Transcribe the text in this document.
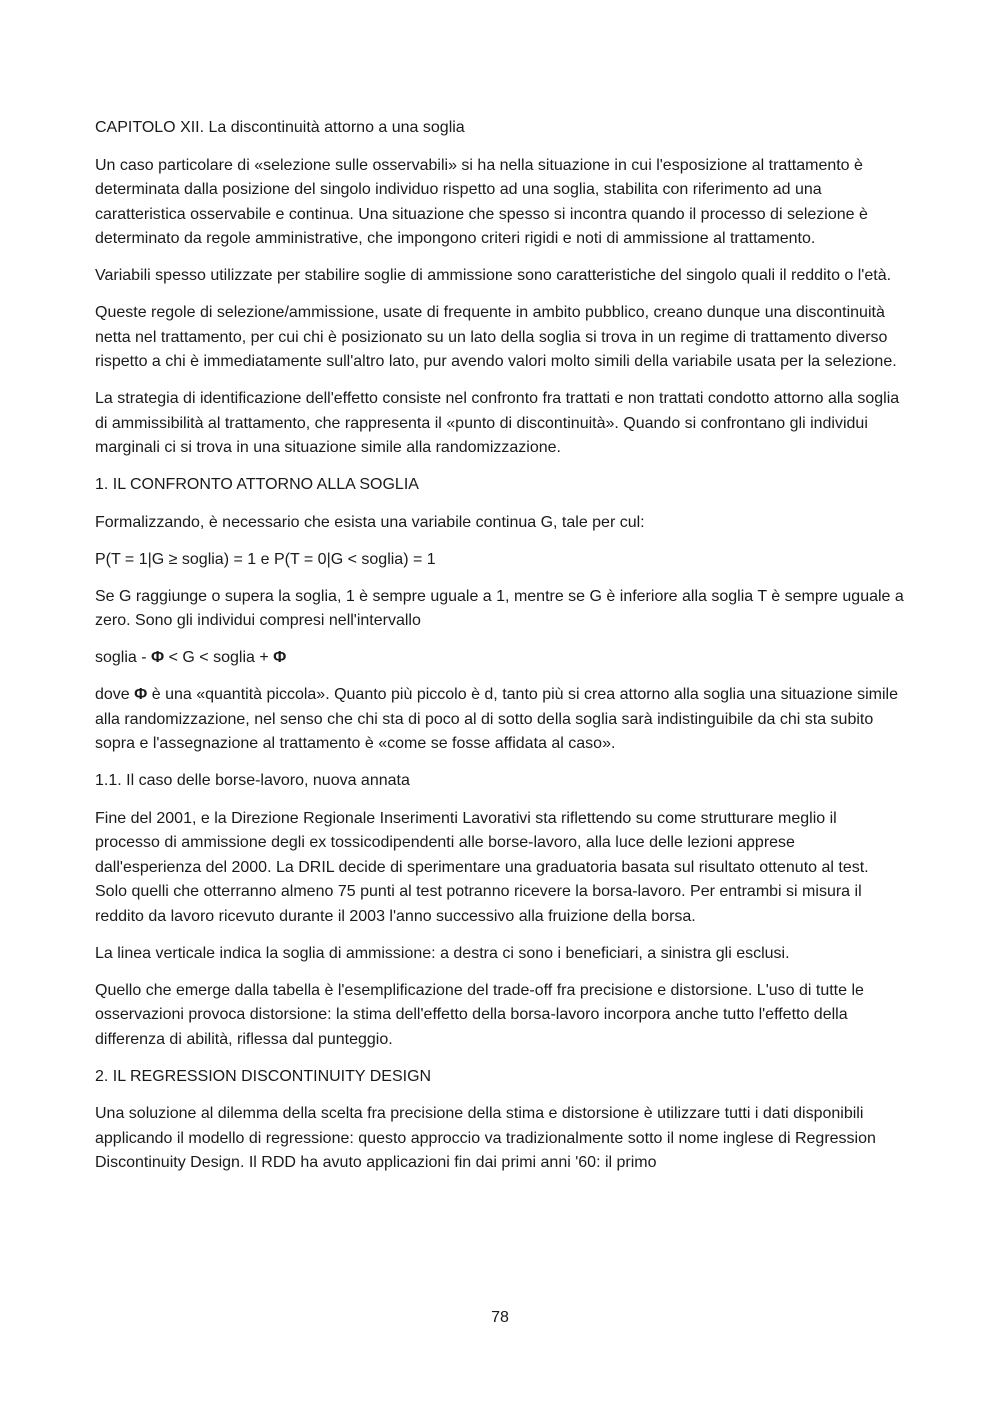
CAPITOLO XII. La discontinuità attorno a una soglia

Un caso particolare di «selezione sulle osservabili» si ha nella situazione in cui l'esposizione al trattamento è determinata dalla posizione del singolo individuo rispetto ad una soglia, stabilita con riferimento ad una caratteristica osservabile e continua. Una situazione che spesso si incontra quando il processo di selezione è determinato da regole amministrative, che impongono criteri rigidi e noti di ammissione al trattamento.

Variabili spesso utilizzate per stabilire soglie di ammissione sono caratteristiche del singolo quali il reddito o l'età.

Queste regole di selezione/ammissione, usate di frequente in ambito pubblico, creano dunque una discontinuità netta nel trattamento, per cui chi è posizionato su un lato della soglia si trova in un regime di trattamento diverso rispetto a chi è immediatamente sull'altro lato, pur avendo valori molto simili della variabile usata per la selezione.

La strategia di identificazione dell'effetto consiste nel confronto fra trattati e non trattati condotto attorno alla soglia di ammissibilità al trattamento, che rappresenta il «punto di discontinuità». Quando si confrontano gli individui marginali ci si trova in una situazione simile alla randomizzazione.

1. IL CONFRONTO ATTORNO ALLA SOGLIA

Formalizzando, è necessario che esista una variabile continua G, tale per cul:

P(T = 1|G ≥ soglia) = 1 e P(T = 0|G < soglia) = 1

Se G raggiunge o supera la soglia, 1 è sempre uguale a 1, mentre se G è inferiore alla soglia T è sempre uguale a zero. Sono gli individui compresi nell'intervallo

soglia - Φ < G < soglia + Φ

dove Φ è una «quantità piccola». Quanto più piccolo è d, tanto più si crea attorno alla soglia una situazione simile alla randomizzazione, nel senso che chi sta di poco al di sotto della soglia sarà indistinguibile da chi sta subito sopra e l'assegnazione al trattamento è «come se fosse affidata al caso».

1.1. Il caso delle borse-lavoro, nuova annata

Fine del 2001, e la Direzione Regionale Inserimenti Lavorativi sta riflettendo su come strutturare meglio il processo di ammissione degli ex tossicodipendenti alle borse-lavoro, alla luce delle lezioni apprese dall'esperienza del 2000. La DRIL decide di sperimentare una graduatoria basata sul risultato ottenuto al test. Solo quelli che otterranno almeno 75 punti al test potranno ricevere la borsa-lavoro. Per entrambi si misura il reddito da lavoro ricevuto durante il 2003 l'anno successivo alla fruizione della borsa.

La linea verticale indica la soglia di ammissione: a destra ci sono i beneficiari, a sinistra gli esclusi.

Quello che emerge dalla tabella è l'esemplificazione del trade-off fra precisione e distorsione. L'uso di tutte le osservazioni provoca distorsione: la stima dell'effetto della borsa-lavoro incorpora anche tutto l'effetto della differenza di abilità, riflessa dal punteggio.

2. IL REGRESSION DISCONTINUITY DESIGN

Una soluzione al dilemma della scelta fra precisione della stima e distorsione è utilizzare tutti i dati disponibili applicando il modello di regressione: questo approccio va tradizionalmente sotto il nome inglese di Regression Discontinuity Design. Il RDD ha avuto applicazioni fin dai primi anni '60: il primo

78
